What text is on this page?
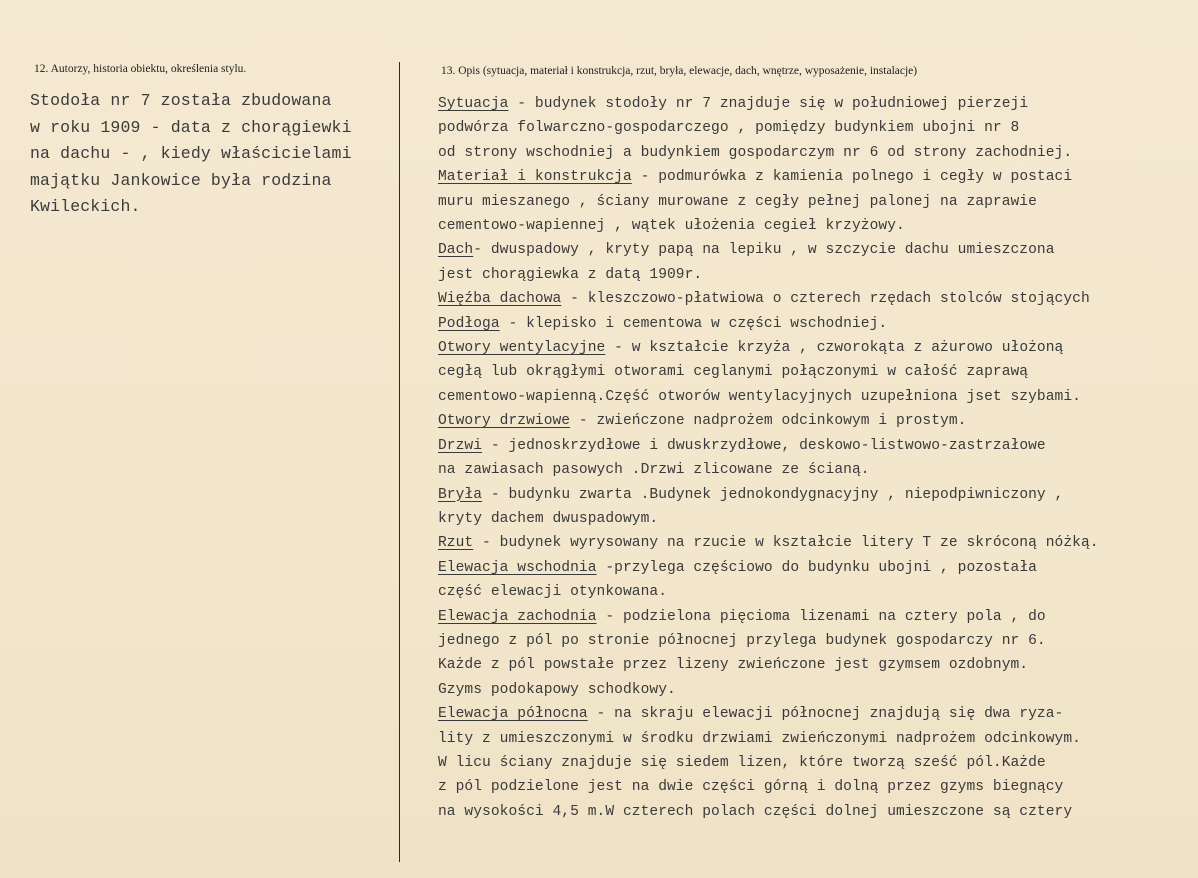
12. Autorzy, historia obiektu, określenia stylu.	13. Opis (sytuacja, materiał i konstrukcja, rzut, bryła, elewacje, dach, wnętrze, wyposażenie, instalacje)
Stodoła nr 7 została zbudowana
w roku 1909 - data z chorągiewki
na dachu - , kiedy właścicielami
majątku Jankowice była rodzina
Kwileckich.
Sytuacja - budynek stodoły nr 7 znajduje się w południowej pierzeji
podwórza folwarczno-gospodarczego , pomiędzy budynkiem ubojni nr 8
od strony wschodniej a budynkiem gospodarczym nr 6 od strony zachodniej.
Materiał i konstrukcja - podmurówka z kamienia polnego i cegły w postaci
muru mieszanego , ściany murowane z cegły pełnej palonej na zaprawie
cementowo-wapiennej , wątek ułożenia cegieł krzyżowy.
Dach- dwuspadowy , kryty papą na lepiku , w szczycie dachu umieszczona
jest chorągiewka z datą 1909r.
Więźba dachowa - kleszczowo-płatwiowa o czterech rzędach stolców stojących
Podłoga - klepisko i cementowa w części wschodniej.
Otwory wentylacyjne - w kształcie krzyża , czworokąta z ażurowo ułożoną
cegłą lub okrągłymi otworami ceglanymi połączonymi w całość zaprawą
cementowo-wapienną.Część otworów wentylacyjnych uzupełniona jset szybami.
Otwory drzwiowe - zwieńczone nadprożem odcinkowym i prostym.
Drzwi - jednoskrzydłowe i dwuskrzydłowe, deskowo-listwowo-zastrzałowe
na zawiasach pasowych .Drzwi zlicowane ze ścianą.
Bryła - budynku zwarta .Budynek jednokondygnacyjny , niepodpiwniczony ,
kryty dachem dwuspadowym.
Rzut - budynek wyrysowany na rzucie w kształcie litery T ze skróconą nóżką.
Elewacja wschodnia -przylega częściowo do budynku ubojni , pozostała
część elewacji otynkowana.
Elewacja zachodnia - podzielona pięcioma lizenami na cztery pola , do
jednego z pól po stronie północnej przylega budynek gospodarczy nr 6.
Każde z pól powstałe przez lizeny zwieńczone jest gzymsem ozdobnym.
Gzyms podokapowy schodkowy.
Elewacja północna - na skraju elewacji północnej znajdują się dwa ryza-
lity z umieszczonymi w środku drzwiami zwieńczonymi nadprożem odcinkowym.
W licu ściany znajduje się siedem lizen, które tworzą sześć pól.Każde
z pól podzielone jest na dwie części górną i dolną przez gzyms biegnący
na wysokości 4,5 m.W czterech polach części dolnej umieszczone są cztery
